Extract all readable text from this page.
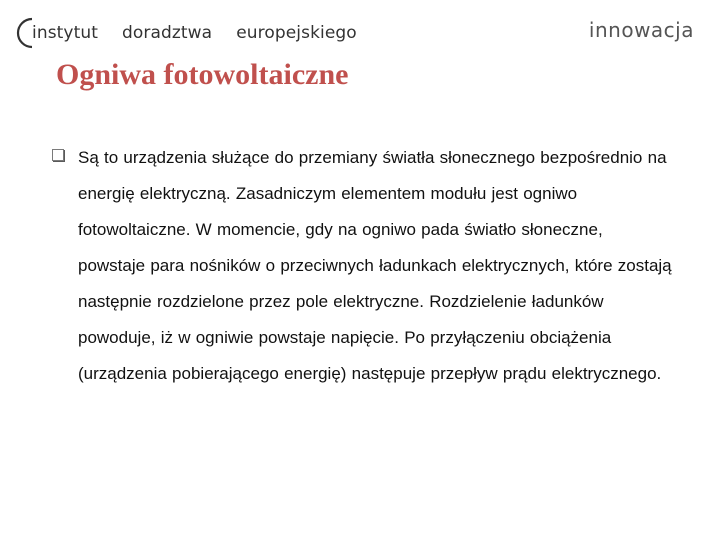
instytut doradztwa europejskiego	innowacja
Ogniwa fotowoltaiczne

Są to urządzenia służące do przemiany światła słonecznego bezpośrednio na energię elektryczną. Zasadniczym elementem modułu jest ogniwo fotowoltaiczne. W momencie, gdy na ogniwo pada światło słoneczne, powstaje para nośników o przeciwnych ładunkach elektrycznych, które zostają następnie rozdzielone przez pole elektryczne. Rozdzielenie ładunków powoduje, iż w ogniwie powstaje napięcie. Po przyłączeniu obciążenia (urządzenia pobierającego energię) następuje przepływ prądu elektrycznego.
